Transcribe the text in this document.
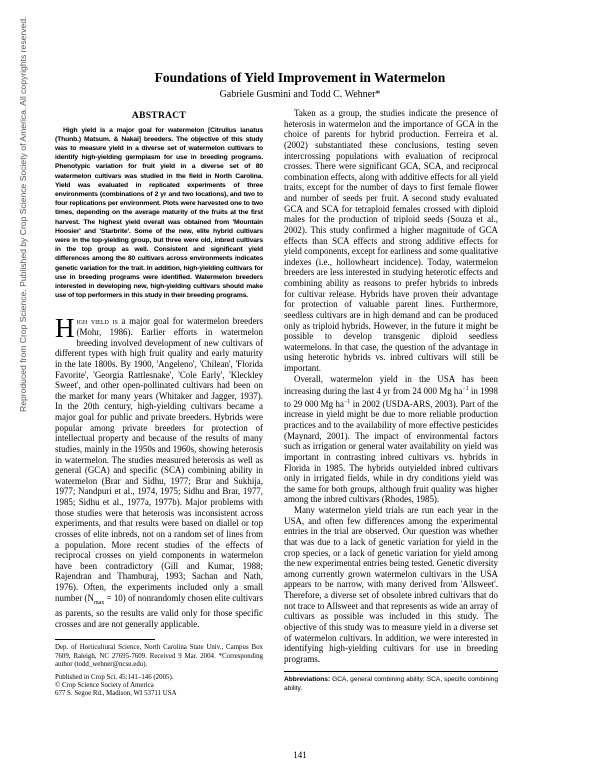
Reproduced from Crop Science. Published by Crop Science Society of America. All copyrights reserved.	Foundations of Yield Improvement in Watermelon
Gabriele Gusmini and Todd C. Wehner*
ABSTRACT
High yield is a major goal for watermelon [Citrullus lanatus (Thunb.) Matsum. & Nakai] breeders. The objective of this study was to measure yield in a diverse set of watermelon cultivars to identify high-yielding germplasm for use in breeding programs. Phenotypic variation for fruit yield in a diverse set of 80 watermelon cultivars was studied in the field in North Carolina. Yield was evaluated in replicated experiments of three environments (combinations of 2 yr and two locations), and two to four replications per environment. Plots were harvested one to two times, depending on the average maturity of the fruits at the first harvest. The highest yield overall was obtained from 'Mountain Hoosier' and 'Starbrite'. Some of the new, elite hybrid cultivars were in the top-yielding group, but three were old, inbred cultivars in the top group as well. Consistent and significant yield differences among the 80 cultivars across environments indicates genetic variation for the trait. In addition, high-yielding cultivars for use in breeding programs were identified. Watermelon breeders interested in developing new, high-yielding cultivars should make use of top performers in this study in their breeding programs.
High yield is a major goal for watermelon breeders (Mohr, 1986). Earlier efforts in watermelon breeding involved development of new cultivars of different types with high fruit quality and early maturity in the late 1800s. By 1900, 'Angeleno', 'Chilean', 'Florida Favorite', 'Georgia Rattlesnake', 'Cole Early', 'Kleckley Sweet', and other open-pollinated cultivars had been on the market for many years (Whitaker and Jagger, 1937). In the 20th century, high-yielding cultivars became a major goal for public and private breeders. Hybrids were popular among private breeders for protection of intellectual property and because of the results of many studies, mainly in the 1950s and 1960s, showing heterosis in watermelon. The studies measured heterosis as well as general (GCA) and specific (SCA) combining ability in watermelon (Brar and Sidhu, 1977; Brar and Sukhija, 1977; Nandpuri et al., 1974, 1975; Sidhu and Brar, 1977, 1985; Sidhu et al., 1977a, 1977b). Major problems with those studies were that heterosis was inconsistent across experiments, and that results were based on diallel or top crosses of elite inbreds, not on a random set of lines from a population. More recent studies of the effects of reciprocal crosses on yield components in watermelon have been contradictory (Gill and Kumar, 1988; Rajendran and Thamburaj, 1993; Sachan and Nath, 1976). Often, the experiments included only a small number $(N_{max} = 10)$ of nonrandomly chosen elite cultivars as parents, so the results are valid only for those specific crosses and are not generally applicable.

Dep. of Horticultural Science, North Carolina State Univ., Campus Box 7609, Raleigh, NC 27695-7609. Received 9 Mar. 2004. *Corresponding author (todd_wehner@ncsu.edu).

Published in Crop Sci. 45:141–146 (2005).
© Crop Science Society of America
677 S. Segoe Rd., Madison, WI 53711 USA

Taken as a group, the studies indicate the presence of heterosis in watermelon and the importance of GCA in the choice of parents for hybrid production. Ferreira et al. (2002) substantiated these conclusions, testing seven intercrossing populations with evaluation of reciprocal crosses. There were significant GCA, SCA, and reciprocal combination effects, along with additive effects for all yield traits, except for the number of days to first female flower and number of seeds per fruit. A second study evaluated GCA and SCA for tetraploid females crossed with diploid males for the production of triploid seeds (Souza et al., 2002). This study confirmed a higher magnitude of GCA effects than SCA effects and strong additive effects for yield components, except for earliness and some qualitative indexes (i.e., hollowheart incidence). Today, watermelon breeders are less interested in studying heterotic effects and combining ability as reasons to prefer hybrids to inbreds for cultivar release. Hybrids have proven their advantage for protection of valuable parent lines. Furthermore, seedless cultivars are in high demand and can be produced only as triploid hybrids. However, in the future it might be possible to develop transgenic diploid seedless watermelons. In that case, the question of the advantage in using heterotic hybrids vs. inbred cultivars will still be important.

Overall, watermelon yield in the USA has been increasing during the last 4 yr from 24 000 Mg $ha^{-1}$ in 1998 to 29 000 Mg $ha^{-1}$ in 2002 (USDA-ARS, 2003). Part of the increase in yield might be due to more reliable production practices and to the availability of more effective pesticides (Maynard, 2001). The impact of environmental factors such as irrigation or general water availability on yield was important in contrasting inbred cultivars vs. hybrids in Florida in 1985. The hybrids outyielded inbred cultivars only in irrigated fields, while in dry conditions yield was the same for both groups, although fruit quality was higher among the inbred cultivars (Rhodes, 1985).

Many watermelon yield trials are run each year in the USA, and often few differences among the experimental entries in the trial are observed. Our question was whether that was due to a lack of genetic variation for yield in the crop species, or a lack of genetic variation for yield among the new experimental entries being tested. Genetic diversity among currently grown watermelon cultivars in the USA appears to be narrow, with many derived from 'Allsweet'. Therefore, a diverse set of obsolete inbred cultivars that do not trace to Allsweet and that represents as wide an array of cultivars as possible was included in this study. The objective of this study was to measure yield in a diverse set of watermelon cultivars. In addition, we were interested in identifying high-yielding cultivars for use in breeding programs.

Abbreviations: GCA, general combining ability; SCA, specific combining ability.
141
